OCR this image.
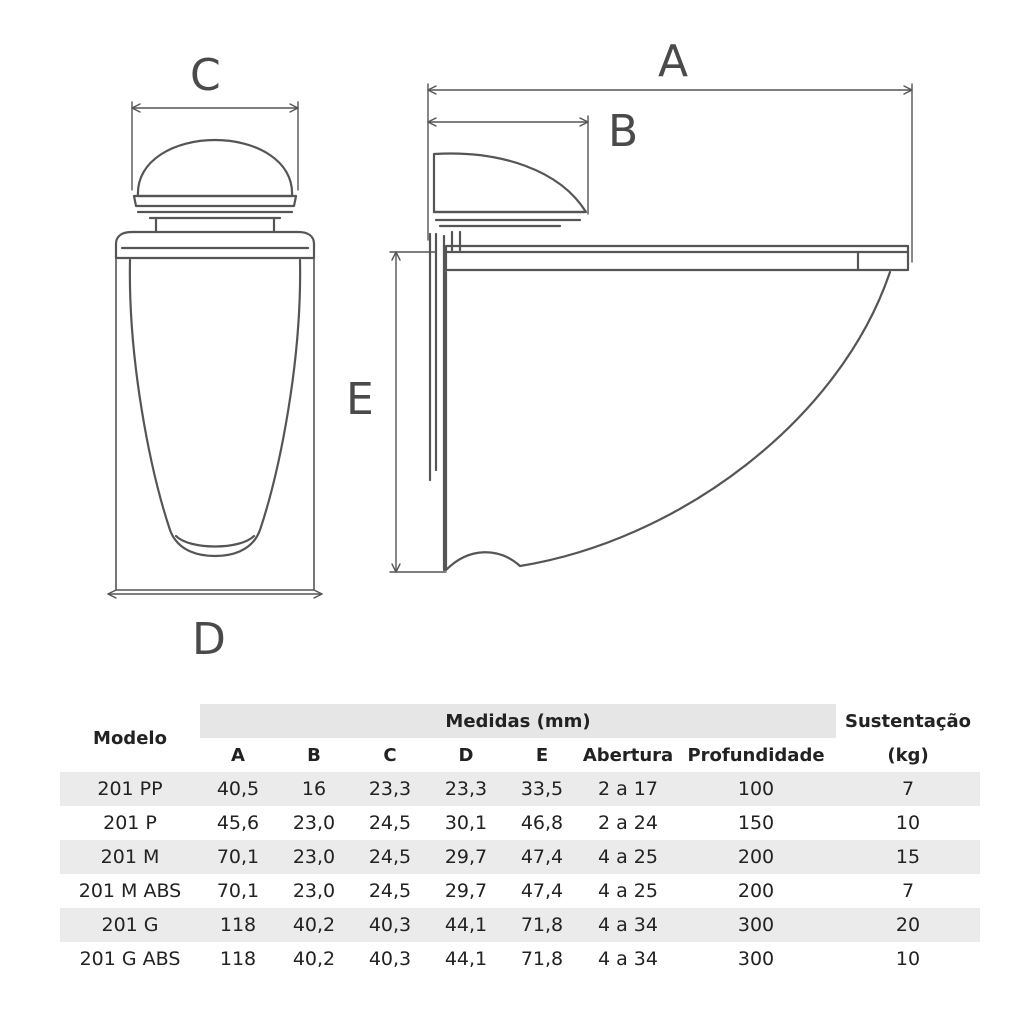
C
D
A
B
E
Modelo	Medidas (mm)							Sustentação
	A	B	C	D	E	Abertura	Profundidade	(kg)
201 PP	40,5	16	23,3	23,3	33,5	2 a 17	100	7
201 P	45,6	23,0	24,5	30,1	46,8	2 a 24	150	10
201 M	70,1	23,0	24,5	29,7	47,4	4 a 25	200	15
201 M ABS	70,1	23,0	24,5	29,7	47,4	4 a 25	200	7
201 G	118	40,2	40,3	44,1	71,8	4 a 34	300	20
201 G ABS	118	40,2	40,3	44,1	71,8	4 a 34	300	10
